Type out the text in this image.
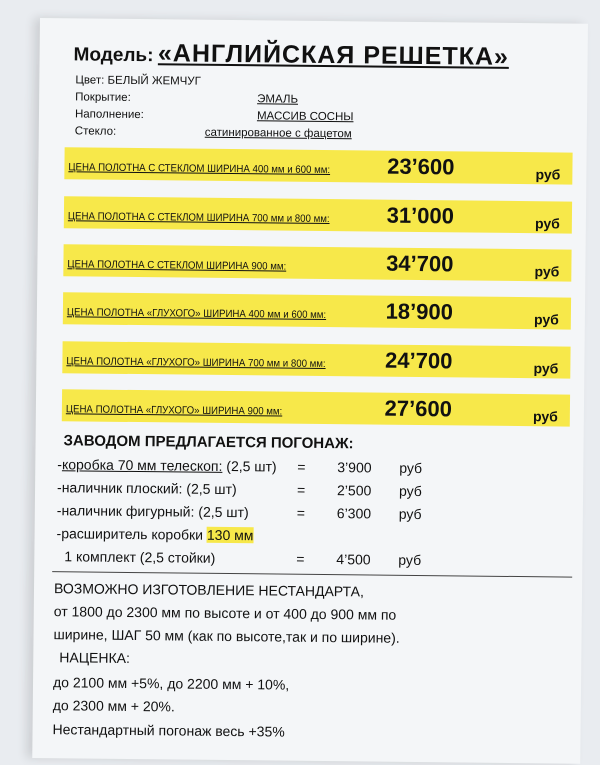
Модель: «АНГЛИЙСКАЯ РЕШЕТКА»
Цвет: БЕЛЫЙ ЖЕМЧУГ
Покрытие:	ЭМАЛЬ
Наполнение:	МАССИВ СОСНЫ
Стекло:	сатинированное с фацетом
ЦЕНА ПОЛОТНА С СТЕКЛОМ ШИРИНА 400 мм и 600 мм:	23’600	руб
ЦЕНА ПОЛОТНА С СТЕКЛОМ ШИРИНА 700 мм и 800 мм:	31’000	руб
ЦЕНА ПОЛОТНА С СТЕКЛОМ ШИРИНА 900 мм:	34’700	руб
ЦЕНА ПОЛОТНА «ГЛУХОГО» ШИРИНА 400 мм и 600 мм:	18’900	руб
ЦЕНА ПОЛОТНА «ГЛУХОГО» ШИРИНА 700 мм и 800 мм:	24’700	руб
ЦЕНА ПОЛОТНА «ГЛУХОГО» ШИРИНА 900 мм:	27’600	руб
ЗАВОДОМ ПРЕДЛАГАЕТСЯ ПОГОНАЖ:
-коробка 70 мм телескоп: (2,5 шт) = 3’900 руб
-наличник плоский: (2,5 шт)	= 2’500 руб
-наличник фигурный: (2,5 шт)	= 6’300 руб
-расширитель коробки 130 мм
1 комплект (2,5 стойки)	= 4’500 руб
ВОЗМОЖНО ИЗГОТОВЛЕНИЕ НЕСТАНДАРТА,
от 1800 до 2300 мм по высоте и от 400 до 900 мм по
ширине, ШАГ 50 мм (как по высоте,так и по ширине).
НАЦЕНКА:
до 2100 мм +5%, до 2200 мм + 10%,
до 2300 мм + 20%.
Нестандартный погонаж весь +35%
